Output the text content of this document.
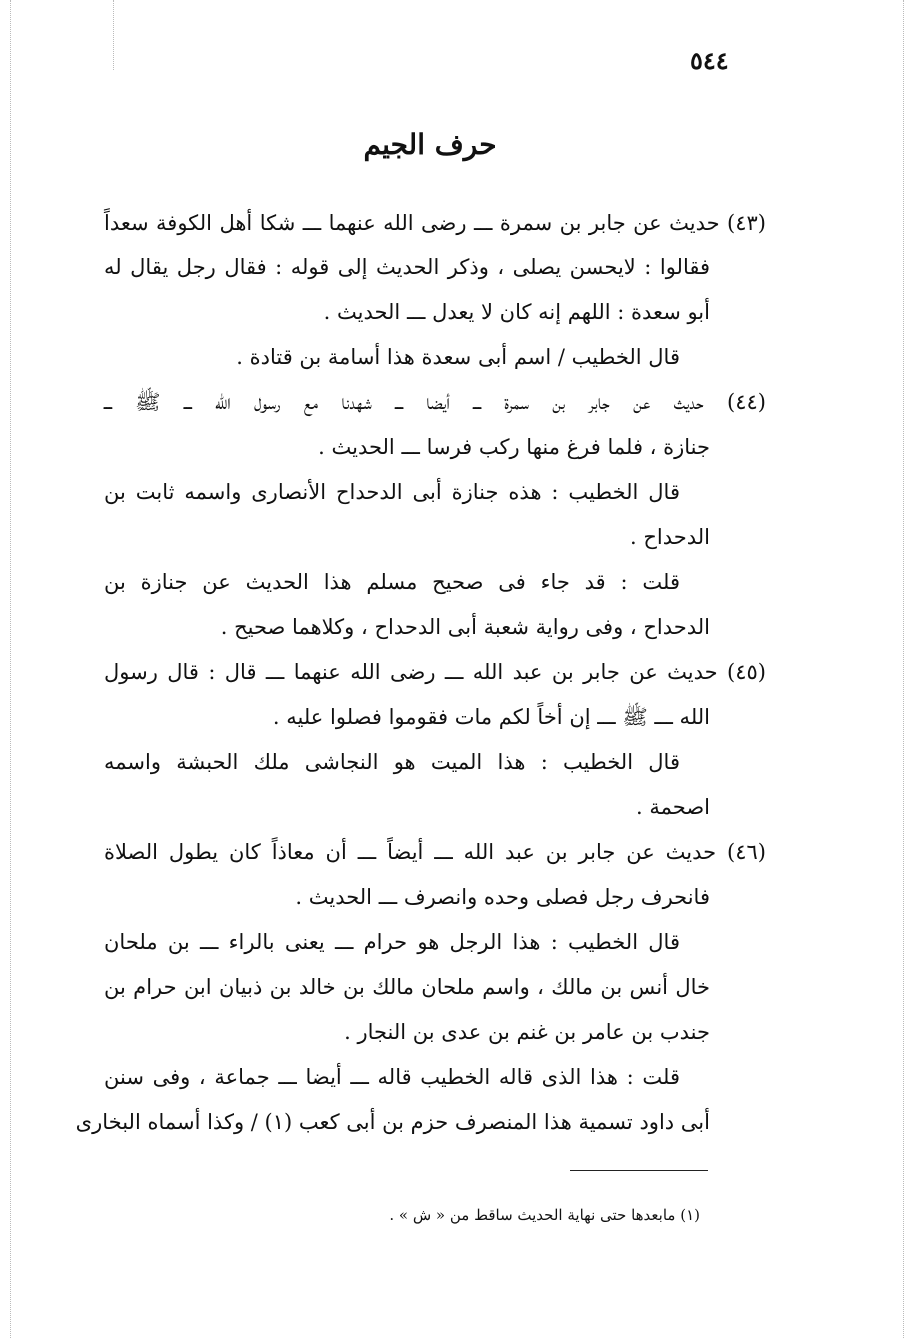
٥٤٤
حرف الجيم
(٤٣) حديث عن جابر بن سمرة ـــ رضى الله عنهما ـــ شكا أهل الكوفة سعداً
فقالوا : لايحسن يصلى ، وذكر الحديث إلى قوله : فقال رجل يقال له
أبو سعدة : اللهم إنه كان لا يعدل ـــ الحديث .
قال الخطيب / اسم أبى سعدة هذا أسامة بن قتادة .
(٤٤) حديث عن جابر بن سمرة ـــ أيضا ـــ شهدنا مع رسول الله ـــ ﷺ ـــ
جنازة ، فلما فرغ منها ركب فرسا ـــ الحديث .
قال الخطيب : هذه جنازة أبى الدحداح الأنصارى واسمه ثابت بن
الدحداح .
قلت : قد جاء فى صحيح مسلم هذا الحديث عن جنازة بن
الدحداح ، وفى رواية شعبة أبى الدحداح ، وكلاهما صحيح .
(٤٥) حديث عن جابر بن عبد الله ـــ رضى الله عنهما ـــ قال : قال رسول
الله ـــ ﷺ ـــ إن أخاً لكم مات فقوموا فصلوا عليه .
قال الخطيب : هذا الميت هو النجاشى ملك الحبشة واسمه
اصحمة .
(٤٦) حديث عن جابر بن عبد الله ـــ أيضاً ـــ أن معاذاً كان يطول الصلاة
فانحرف رجل فصلى وحده وانصرف ـــ الحديث .
قال الخطيب : هذا الرجل هو حرام ـــ يعنى بالراء ـــ بن ملحان
خال أنس بن مالك ، واسم ملحان مالك بن خالد بن ذبيان ابن حرام بن
جندب بن عامر بن غنم بن عدى بن النجار .
قلت : هذا الذى قاله الخطيب قاله ـــ أيضا ـــ جماعة ، وفى سنن
أبى داود تسمية هذا المنصرف حزم بن أبى كعب (١) / وكذا أسماه البخارى
(١) مابعدها حتى نهاية الحديث ساقط من « ش » .
